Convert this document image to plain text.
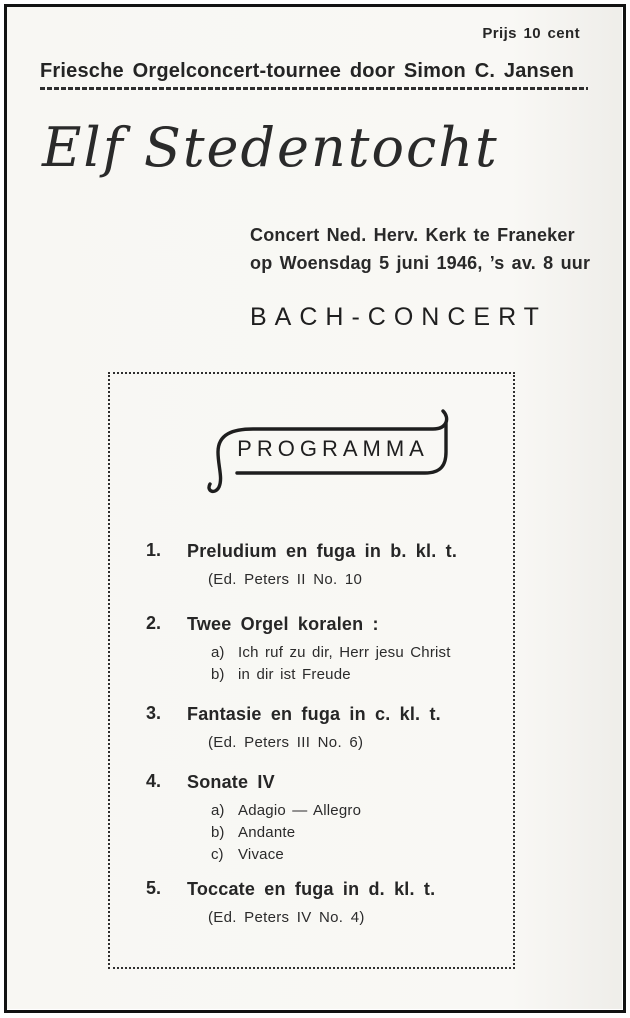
Prijs 10 cent
Friesche Orgelconcert-tournee door Simon C. Jansen
Elf Stedentocht
Concert Ned. Herv. Kerk te Franeker
op Woensdag 5 juni 1946, ’s av. 8 uur
BACH-CONCERT
PROGRAMMA
1.	Preludium en fuga in b. kl. t.
(Ed. Peters II No. 10
2.	Twee Orgel koralen :
a) Ich ruf zu dir, Herr jesu Christ
b) in dir ist Freude
3.	Fantasie en fuga in c. kl. t.
(Ed. Peters III No. 6)
4.	Sonate IV
a) Adagio — Allegro
b) Andante
c) Vivace
5.	Toccate en fuga in d. kl. t.
(Ed. Peters IV No. 4)
